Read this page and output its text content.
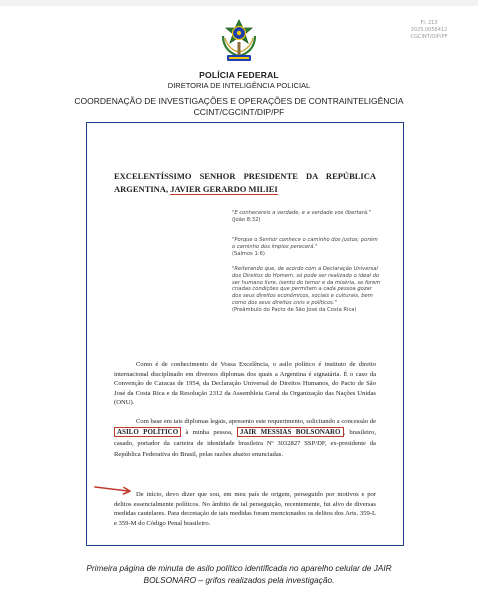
Fl. 213
2025.0056412
CGCINT/DIP/PF
POLÍCIA FEDERAL
DIRETORIA DE INTELIGÊNCIA POLICIAL
COORDENAÇÃO DE INVESTIGAÇÕES E OPERAÇÕES DE CONTRAINTELIGÊNCIA
CCINT/CGCINT/DIP/PF
EXCELENTÍSSIMO SENHOR PRESIDENTE DA REPÚBLICA ARGENTINA, JAVIER GERARDO MILIEI
"E conhecereis a verdade, e a verdade vos libertará."
(João 8:32)
"Porque o Senhor conhece o caminho dos justos; porém o caminho dos ímpios perecerá."
(Salmos 1:6)
"Reiterando que, de acordo com a Declaração Universal dos Direitos do Homem, só pode ser realizado o ideal do ser humano livre, isento do temor e da miséria, se forem criadas condições que permitam a cada pessoa gozar dos seus direitos econômicos, sociais e culturais, bem como dos seus direitos civis e políticos."
(Preâmbulo do Pacto de São José da Costa Rica)
Como é de conhecimento de Vossa Excelência, o asilo político é instituto de direito internacional disciplinado em diversos diplomas dos quais a Argentina é signatária. É o caso da Convenção de Caracas de 1954, da Declaração Universal de Direitos Humanos, do Pacto de São José da Costa Rica e da Resolução 2312 da Assembleia Geral da Organização das Nações Unidas (ONU).
Com base em tais diplomas legais, apresento este requerimento, solicitando a concessão de ASILO POLÍTICO à minha pessoa, JAIR MESSIAS BOLSONARO , brasileiro, casado, portador da carteira de identidade brasileira Nº 3032827 SSP/DF, ex-presidente da República Federativa do Brasil, pelas razões abaixo enunciadas.
De início, devo dizer que sou, em meu país de origem, perseguido por motivos e por delitos essencialmente políticos. No âmbito de tal perseguição, recentemente, fui alvo de diversas medidas cautelares. Para decretação de tais medidas foram mencionados os delitos dos Arts. 359-L e 359-M do Código Penal brasileiro.
Primeira página de minuta de asilo político identificada no aparelho celular de JAIR
BOLSONARO – grifos realizados pela investigação.
